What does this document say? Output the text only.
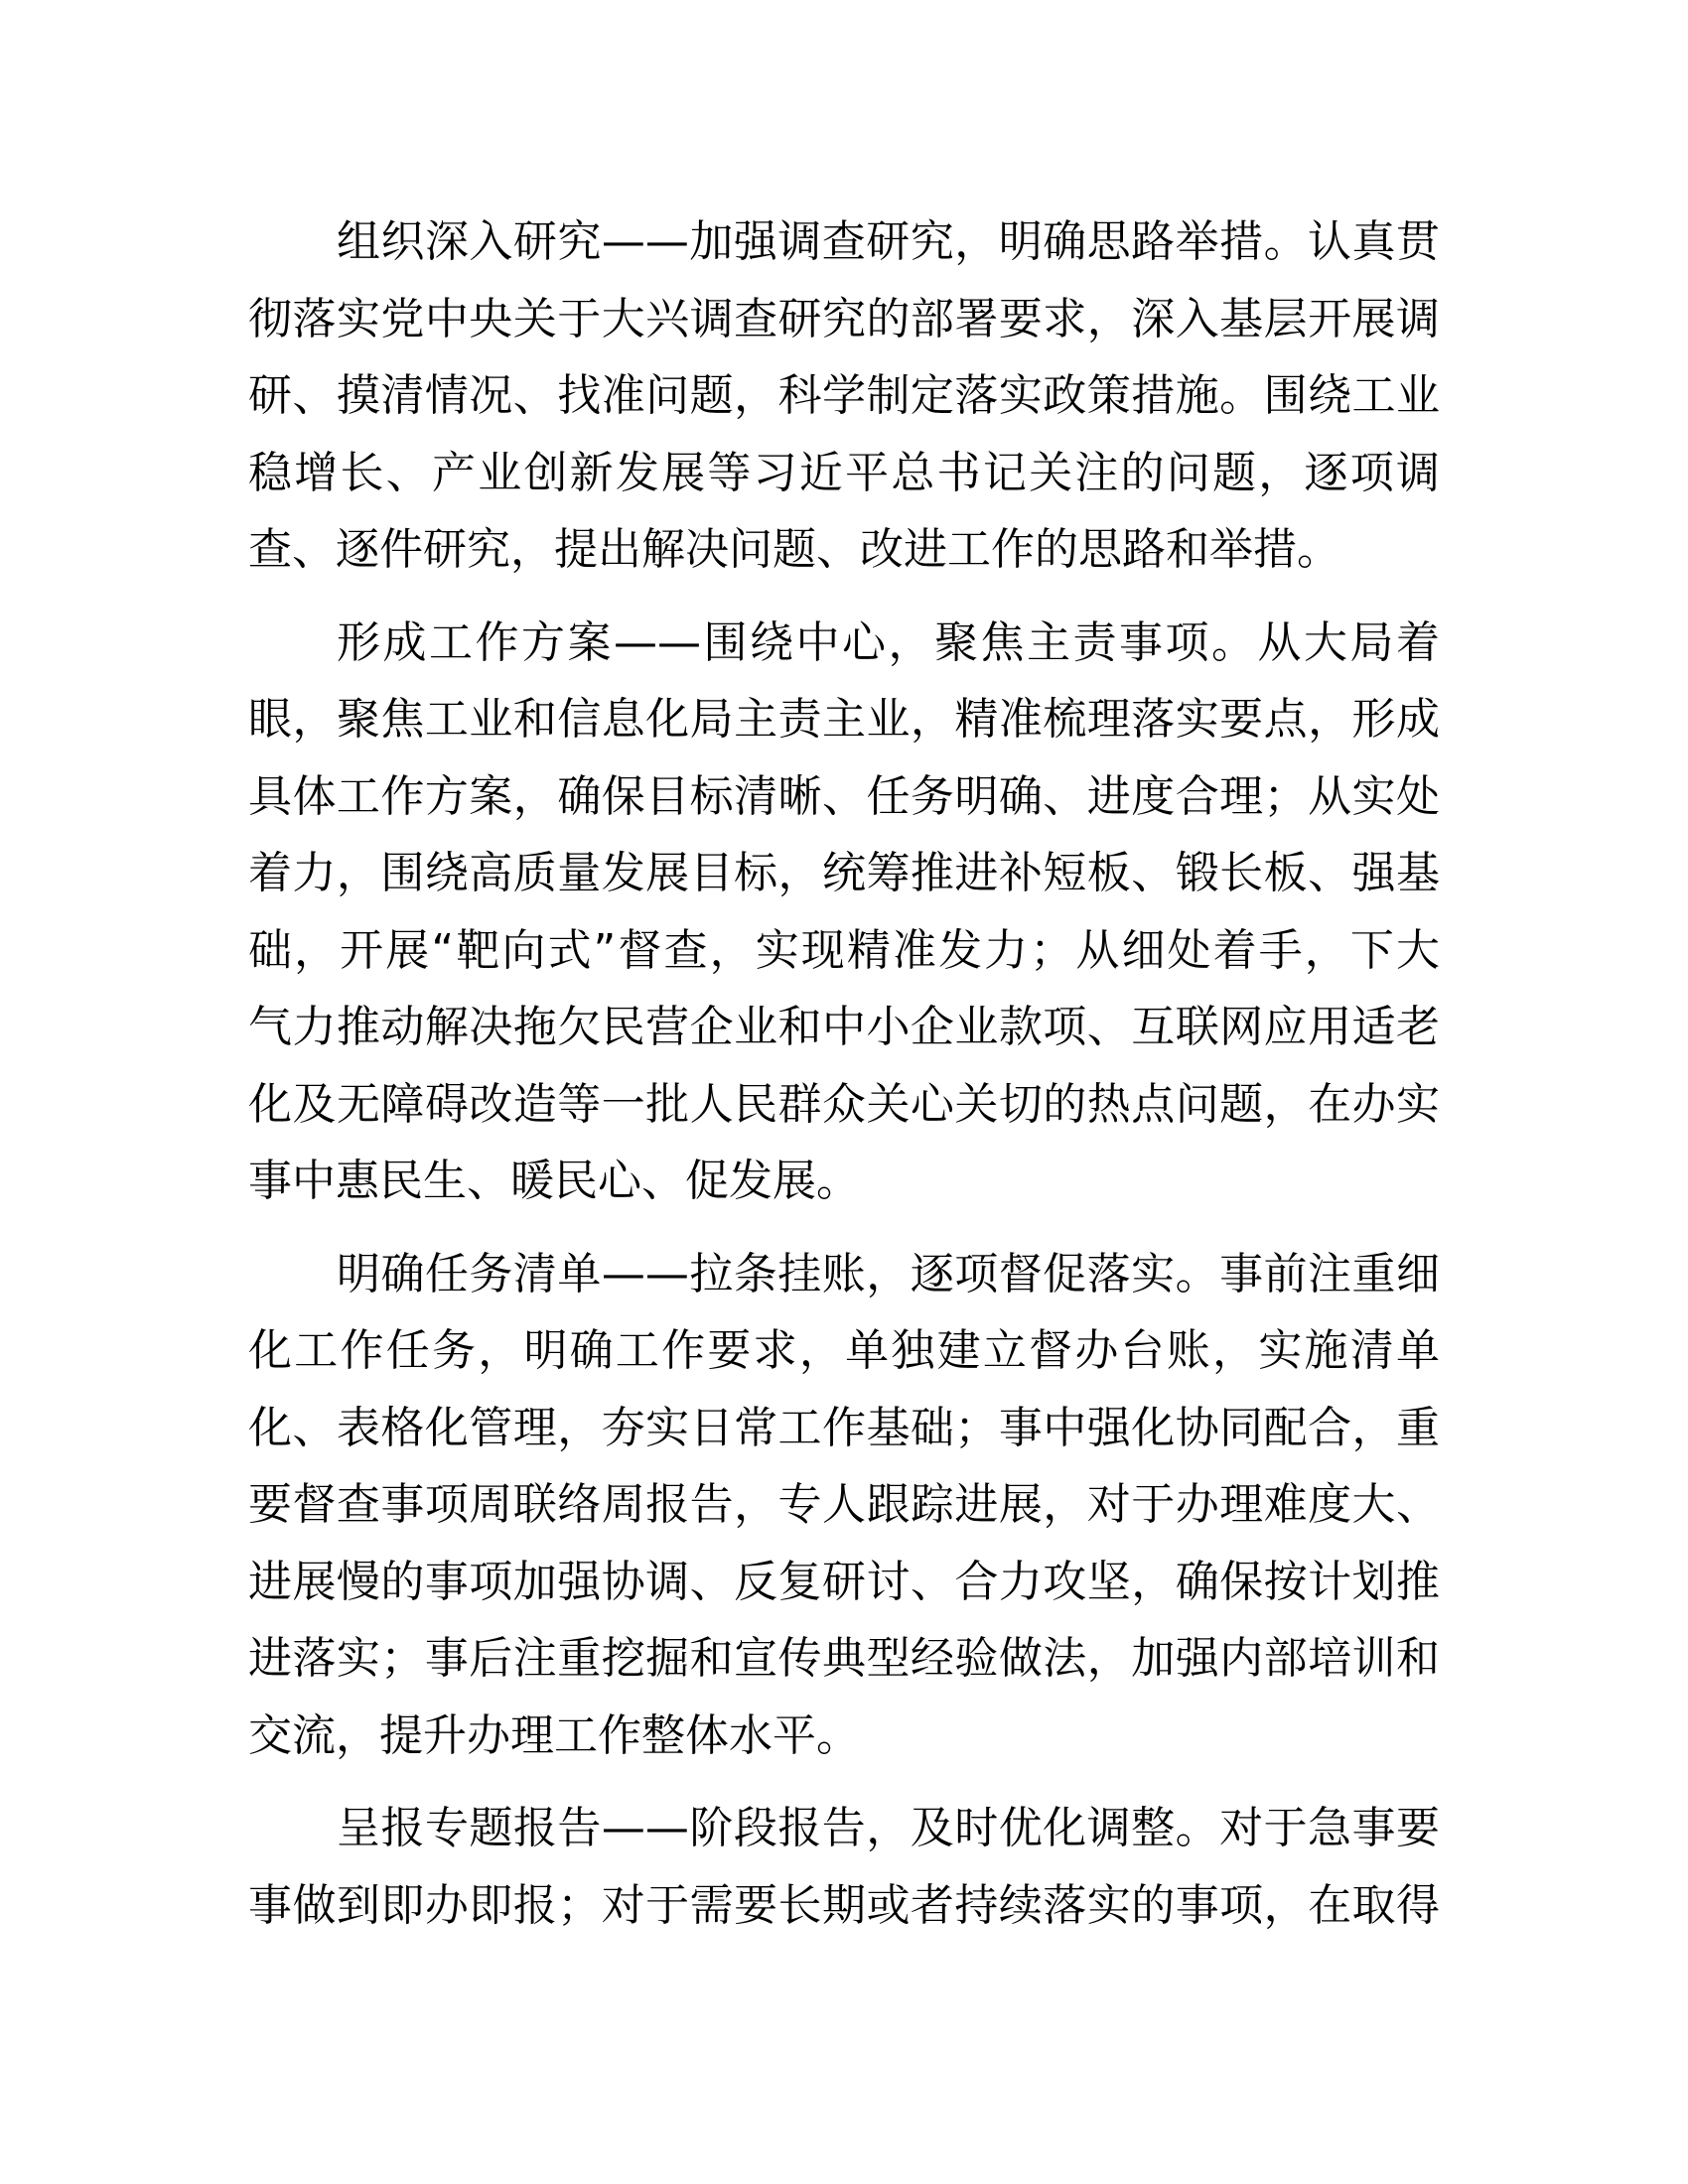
组织深入研究——加强调查研究，明确思路举措。认真贯
彻落实党中央关于大兴调查研究的部署要求，深入基层开展调
研、摸清情况、找准问题，科学制定落实政策措施。围绕工业
稳增长、产业创新发展等习近平总书记关注的问题，逐项调
查、逐件研究，提出解决问题、改进工作的思路和举措。

形成工作方案——围绕中心，聚焦主责事项。从大局着
眼，聚焦工业和信息化局主责主业，精准梳理落实要点，形成
具体工作方案，确保目标清晰、任务明确、进度合理；从实处
着力，围绕高质量发展目标，统筹推进补短板、锻长板、强基
础，开展“靶向式”督查，实现精准发力；从细处着手，下大
气力推动解决拖欠民营企业和中小企业款项、互联网应用适老
化及无障碍改造等一批人民群众关心关切的热点问题，在办实
事中惠民生、暖民心、促发展。

明确任务清单——拉条挂账，逐项督促落实。事前注重细
化工作任务，明确工作要求，单独建立督办台账，实施清单
化、表格化管理，夯实日常工作基础；事中强化协同配合，重
要督查事项周联络周报告，专人跟踪进展，对于办理难度大、
进展慢的事项加强协调、反复研讨、合力攻坚，确保按计划推
进落实；事后注重挖掘和宣传典型经验做法，加强内部培训和
交流，提升办理工作整体水平。

呈报专题报告——阶段报告，及时优化调整。对于急事要
事做到即办即报；对于需要长期或者持续落实的事项，在取得
